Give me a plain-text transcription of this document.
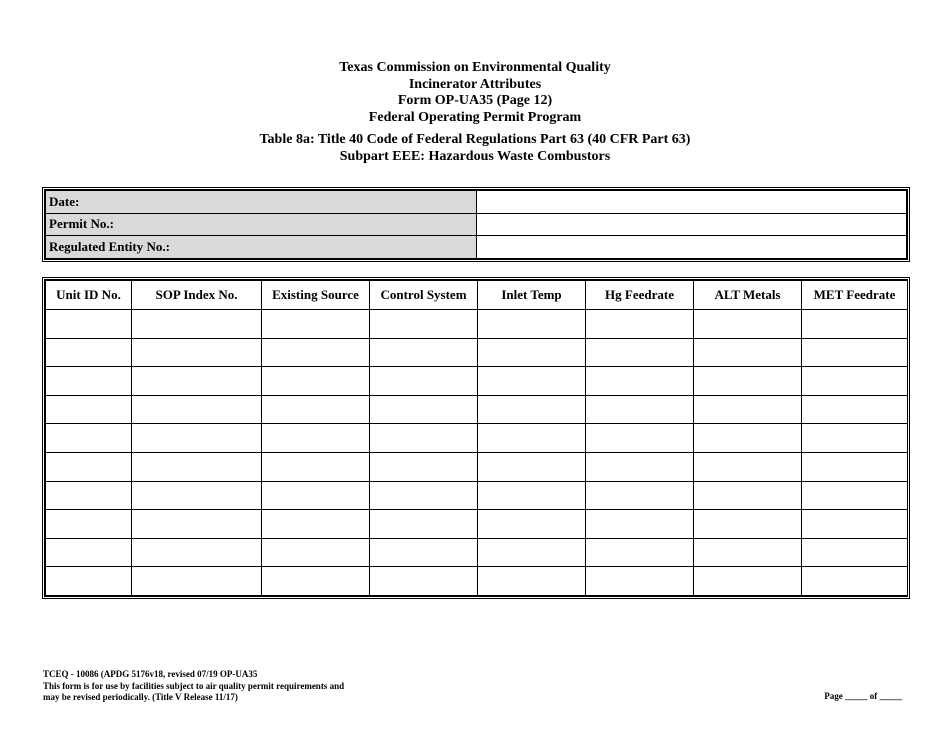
Texas Commission on Environmental Quality
Incinerator Attributes
Form OP-UA35 (Page 12)
Federal Operating Permit Program
Table 8a: Title 40 Code of Federal Regulations Part 63 (40 CFR Part 63)
Subpart EEE: Hazardous Waste Combustors
Date:	
Permit No.:	
Regulated Entity No.:	
Unit ID No.	SOP Index No.	Existing Source	Control System	Inlet Temp	Hg Feedrate	ALT Metals	MET Feedrate

TCEQ - 10086 (APDG 5176v18, revised 07/19 OP-UA35
This form is for use by facilities subject to air quality permit requirements and
may be revised periodically. (Title V Release 11/17)	Page _____ of _____
